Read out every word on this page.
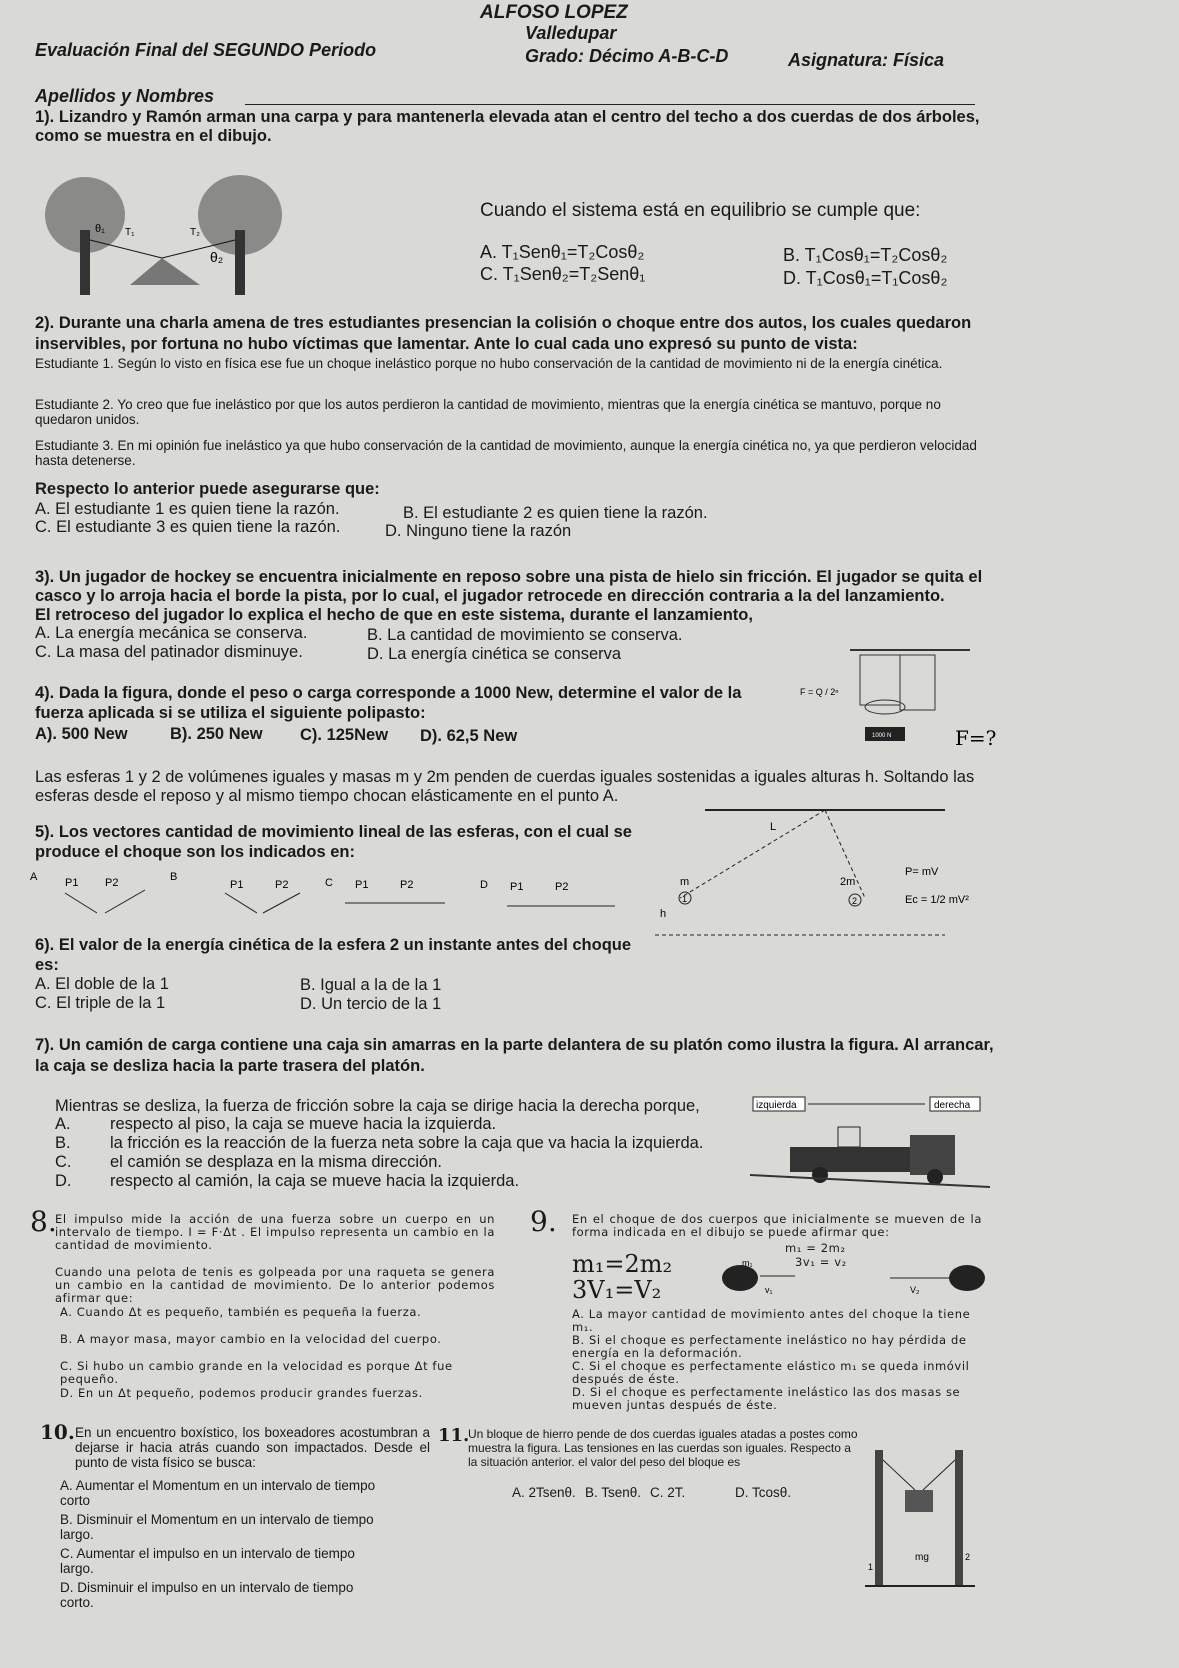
ALFOSO LOPEZ
Valledupar
Evaluación Final del SEGUNDO Periodo	Grado: Décimo A-B-C-D	Asignatura: Física
Apellidos y Nombres
1). Lizandro y Ramón arman una carpa y para mantenerla elevada atan el centro del techo a dos cuerdas de dos árboles, como se muestra en el dibujo.
θ₁
θ₂
T₁	T₂
Cuando el sistema está en equilibrio se cumple que:
A. T₁Senθ₁=T₂Cosθ₂	B. T₁Cosθ₁=T₂Cosθ₂
C. T₁Senθ₂=T₂Senθ₁	D. T₁Cosθ₁=T₁Cosθ₂
2). Durante una charla amena de tres estudiantes presencian la colisión o choque entre dos autos, los cuales quedaron inservibles, por fortuna no hubo víctimas que lamentar. Ante lo cual cada uno expresó su punto de vista:
Estudiante 1. Según lo visto en física ese fue un choque inelástico porque no hubo conservación de la cantidad de movimiento ni de la energía cinética.
Estudiante 2. Yo creo que fue inelástico por que los autos perdieron la cantidad de movimiento, mientras que la energía cinética se mantuvo, porque no quedaron unidos.
Estudiante 3. En mi opinión fue inelástico ya que hubo conservación de la cantidad de movimiento, aunque la energía cinética no, ya que perdieron velocidad hasta detenerse.
Respecto lo anterior puede asegurarse que:
A. El estudiante 1 es quien tiene la razón.	B. El estudiante 2 es quien tiene la razón.
C. El estudiante 3 es quien tiene la razón.	D. Ninguno tiene la razón
3). Un jugador de hockey se encuentra inicialmente en reposo sobre una pista de hielo sin fricción. El jugador se quita el casco y lo arroja hacia el borde la pista, por lo cual, el jugador retrocede en dirección contraria a la del lanzamiento.
El retroceso del jugador lo explica el hecho de que en este sistema, durante el lanzamiento,
A. La energía mecánica se conserva.	B. La cantidad de movimiento se conserva.
C. La masa del patinador disminuye.	D. La energía cinética se conserva
4). Dada la figura, donde el peso o carga corresponde a 1000 New, determine el valor de la fuerza aplicada si se utiliza el siguiente polipasto:
A). 500 New	B). 250 New C). 125New D). 62,5 New	1000 N
F = Q / 2ⁿ
F=?
Las esferas 1 y 2 de volúmenes iguales y masas m y 2m penden de cuerdas iguales sostenidas a iguales alturas h. Soltando las esferas desde el reposo y al mismo tiempo chocan elásticamente en el punto A.
5). Los vectores cantidad de movimiento lineal de las esferas, con el cual se produce el choque son los indicados en:
A	P1 P2	B
P1	P2	C P1	P2	D P1	P2
L
m	2m
1	2
h
P= mV
Ec = 1/2 mV²
6). El valor de la energía cinética de la esfera 2 un instante antes del choque es:
A. El doble de la 1	B. Igual a la de la 1
C. El triple de la 1	D. Un tercio de la 1
7). Un camión de carga contiene una caja sin amarras en la parte delantera de su platón como ilustra la figura. Al arrancar, la caja se desliza hacia la parte trasera del platón.
Mientras se desliza, la fuerza de fricción sobre la caja se dirige hacia la derecha porque,
A.	respecto al piso, la caja se mueve hacia la izquierda.
B.	la fricción es la reacción de la fuerza neta sobre la caja que va hacia la izquierda.
C.	el camión se desplaza en la misma dirección.
D.	respecto al camión, la caja se mueve hacia la izquierda.
izquierda	derecha
8.
El impulso mide la acción de una fuerza sobre un cuerpo en un intervalo de tiempo. I = F·Δt . El impulso representa un cambio en la cantidad de movimiento.
Cuando una pelota de tenis es golpeada por una raqueta se genera un cambio en la cantidad de movimiento. De lo anterior podemos afirmar que:
A. Cuando Δt es pequeño, también es pequeña la fuerza.
B. A mayor masa, mayor cambio en la velocidad del cuerpo.
C. Si hubo un cambio grande en la velocidad es porque Δt fue pequeño.
D. En un Δt pequeño, podemos producir grandes fuerzas.
9. En el choque de dos cuerpos que inicialmente se mueven de la forma indicada en el dibujo se puede afirmar que:
m₁ = 2m₂
3v₁ = v₂
m₁=2m₂
3V₁=V₂
m₁
v₁	V₂
A. La mayor cantidad de movimiento antes del choque la tiene m₁.
B. Si el choque es perfectamente inelástico no hay pérdida de energía en la deformación.
C. Si el choque es perfectamente elástico m₁ se queda inmóvil después de éste.
D. Si el choque es perfectamente inelástico las dos masas se mueven juntas después de éste.
10. En un encuentro boxístico, los boxeadores acostumbran a dejarse ir hacia atrás cuando son impactados. Desde el punto de vista físico se busca:
A. Aumentar el Momentum en un intervalo de tiempo corto
B. Disminuir el Momentum en un intervalo de tiempo largo.
C. Aumentar el impulso en un intervalo de tiempo largo.
D. Disminuir el impulso en un intervalo de tiempo corto.
11.
Un bloque de hierro pende de dos cuerdas iguales atadas a postes como muestra la figura. Las tensiones en las cuerdas son iguales. Respecto a la situación anterior. el valor del peso del bloque es
A. 2Tsenθ. B. Tsenθ. C. 2T.	D. Tcosθ.
1
2
mg
